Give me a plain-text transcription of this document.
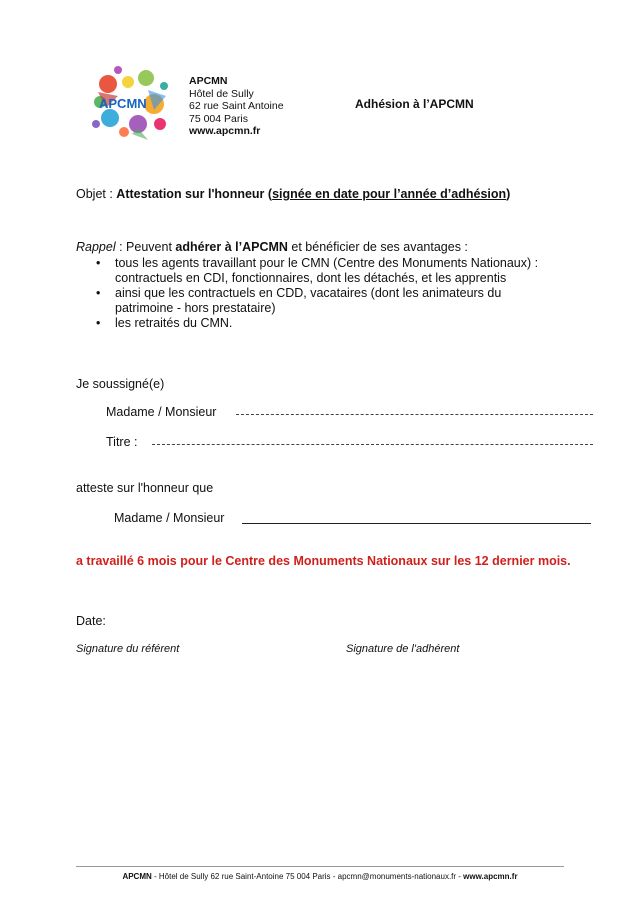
APCMN
APCMN
Hôtel de Sully
62 rue Saint Antoine
75 004 Paris
www.apcmn.fr
Adhésion à l’APCMN
Objet : Attestation sur l'honneur (signée en date pour l’année d’adhésion)
Rappel : Peuvent adhérer à l’APCMN et bénéficier de ses avantages :
• tous les agents travaillant pour le CMN (Centre des Monuments Nationaux) : contractuels en CDI, fonctionnaires, dont les détachés, et les apprentis
• ainsi que les contractuels en CDD, vacataires (dont les animateurs du patrimoine - hors prestataire)
• les retraités du CMN.
Je soussigné(e)
Madame / Monsieur
Titre :
atteste sur l'honneur que
Madame / Monsieur
a travaillé 6 mois pour le Centre des Monuments Nationaux sur les 12 dernier mois.
Date:
Signature du référent	Signature de l'adhérent
APCMN - Hôtel de Sully 62 rue Saint-Antoine 75 004 Paris - apcmn@monuments-nationaux.fr - www.apcmn.fr
